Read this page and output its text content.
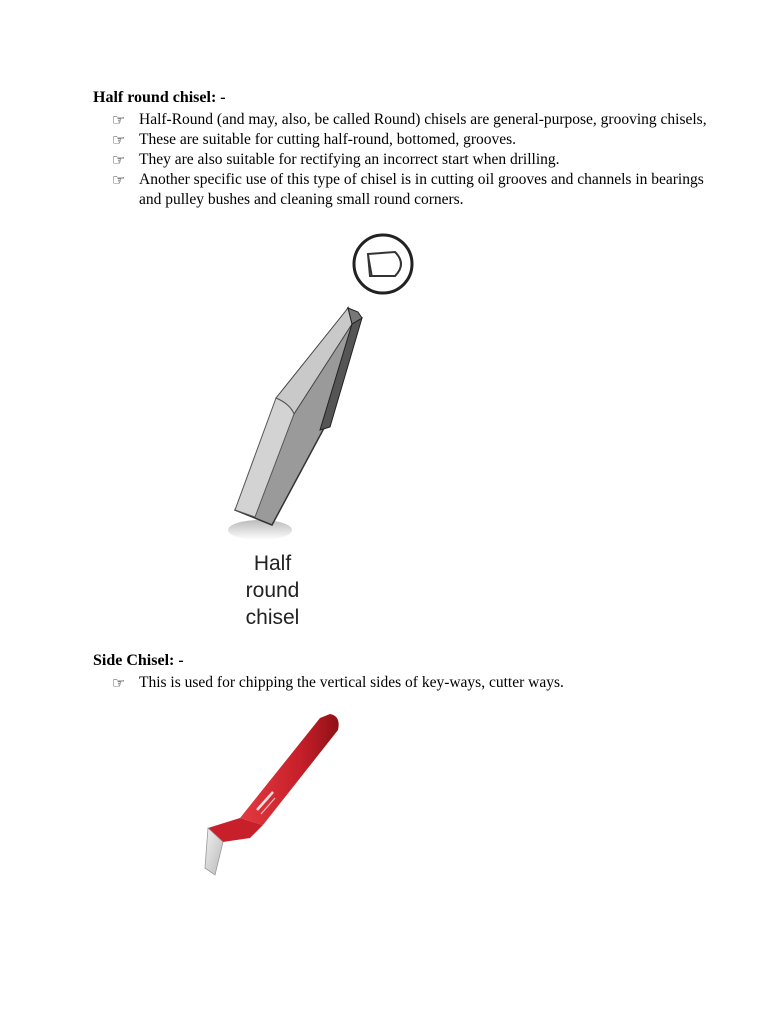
Half round chisel: -
☞ Half-Round (and may, also, be called Round) chisels are general-purpose, grooving chisels,
☞ These are suitable for cutting half-round, bottomed, grooves.
☞ They are also suitable for rectifying an incorrect start when drilling.
☞ Another specific use of this type of chisel is in cutting oil grooves and channels in bearings and pulley bushes and cleaning small round corners.
Half
round
chisel
Side Chisel: -
☞ This is used for chipping the vertical sides of key-ways, cutter ways.
